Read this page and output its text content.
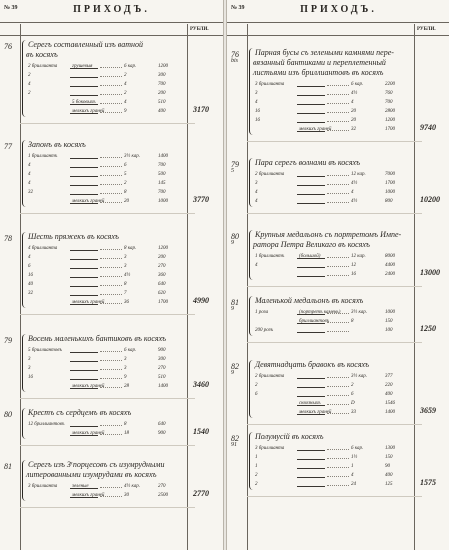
№ 39	ПРИХОДЪ.
РУБЛИ.
76 Серегъ составленный изъ ватной
въ косяхъ
2 бриллианта	грушевыя	6 кар.	1200
2	2	300
4	4	700
2	2	200
5 боковыхъ	4	510
мелкихъ граней	9	400	3170
77 Запонъ въ косяхъ
1 бриллиантъ	3½ кар.	1400
4	6	700
4	5	500
4	2	145
32	8	700
мелкихъ граней	20	1000	3770
78 Шесть пряжекъ въ косяхъ
4 бриллианта	8 кар.	1200
4	3	200
6	3	270
16	4½	360
40	8	640
32	7	620
мелкихъ граней	36	1700	4990
79 Восемь маленькихъ бантиковъ въ косяхъ
5 бриллиантовъ	6 кар.	900
3	3	300
3	3	270
16	9	510
мелкихъ граней	28	1400	3460
80 Крестъ съ сердцемъ въ косяхъ
12 бриллиантовъ	8	640
мелкихъ граней	18	900	1540
81 Серегъ изъ 3ͯ порцесовъ съ изумрудными
литерованными изумрудами въ косяхъ
3 бриллианта	зеленые	4½ кар.	270
мелкихъ граней	30	2500	2770
№ 39	ПРИХОДЪ.
РУБЛИ.
76
bis
Парная бусы съ зелеными камнями пере-
вязанный бантиками и переплетенный
листьями изъ бриллиантовъ въ косяхъ
3 бриллианта	6 кар.	2200
3	4½	760
4	4	700
16	20	2800
16	20	1200
мелкихъ граней	32	1700	9740
79
5
Пара серегъ волнами въ косяхъ
2 бриллианта	12 кар.	7000
3	4½	1700
4	4	1000
4	4½	800	10200
80
9
Крупныя медальонъ съ портретомъ Импе-
ратора Петра Великаго въ косяхъ
1 бриллиантъ	(большой)	12 кар.	8000
4	12	4400
16	2400	13000
81
9
Маленькой медальонъ въ косяхъ
1 роза	(портретъ камень) 3½ кар.	1000
бриллиантовъ	8	150
200 розъ	100	1250
82
9
Девятнадцать бравокъ въ косяхъ
2 бриллианта	3½ кар.	377
2	2	220
6	6	400
сквозныхъ	D	1546
мелкихъ граней	33	1400	3659
82
91
Полумусій въ косяхъ
3 бриллианта	6 кар.	1300
1	1½	150
1	1	90
2	4	400
2	24	125	1575
